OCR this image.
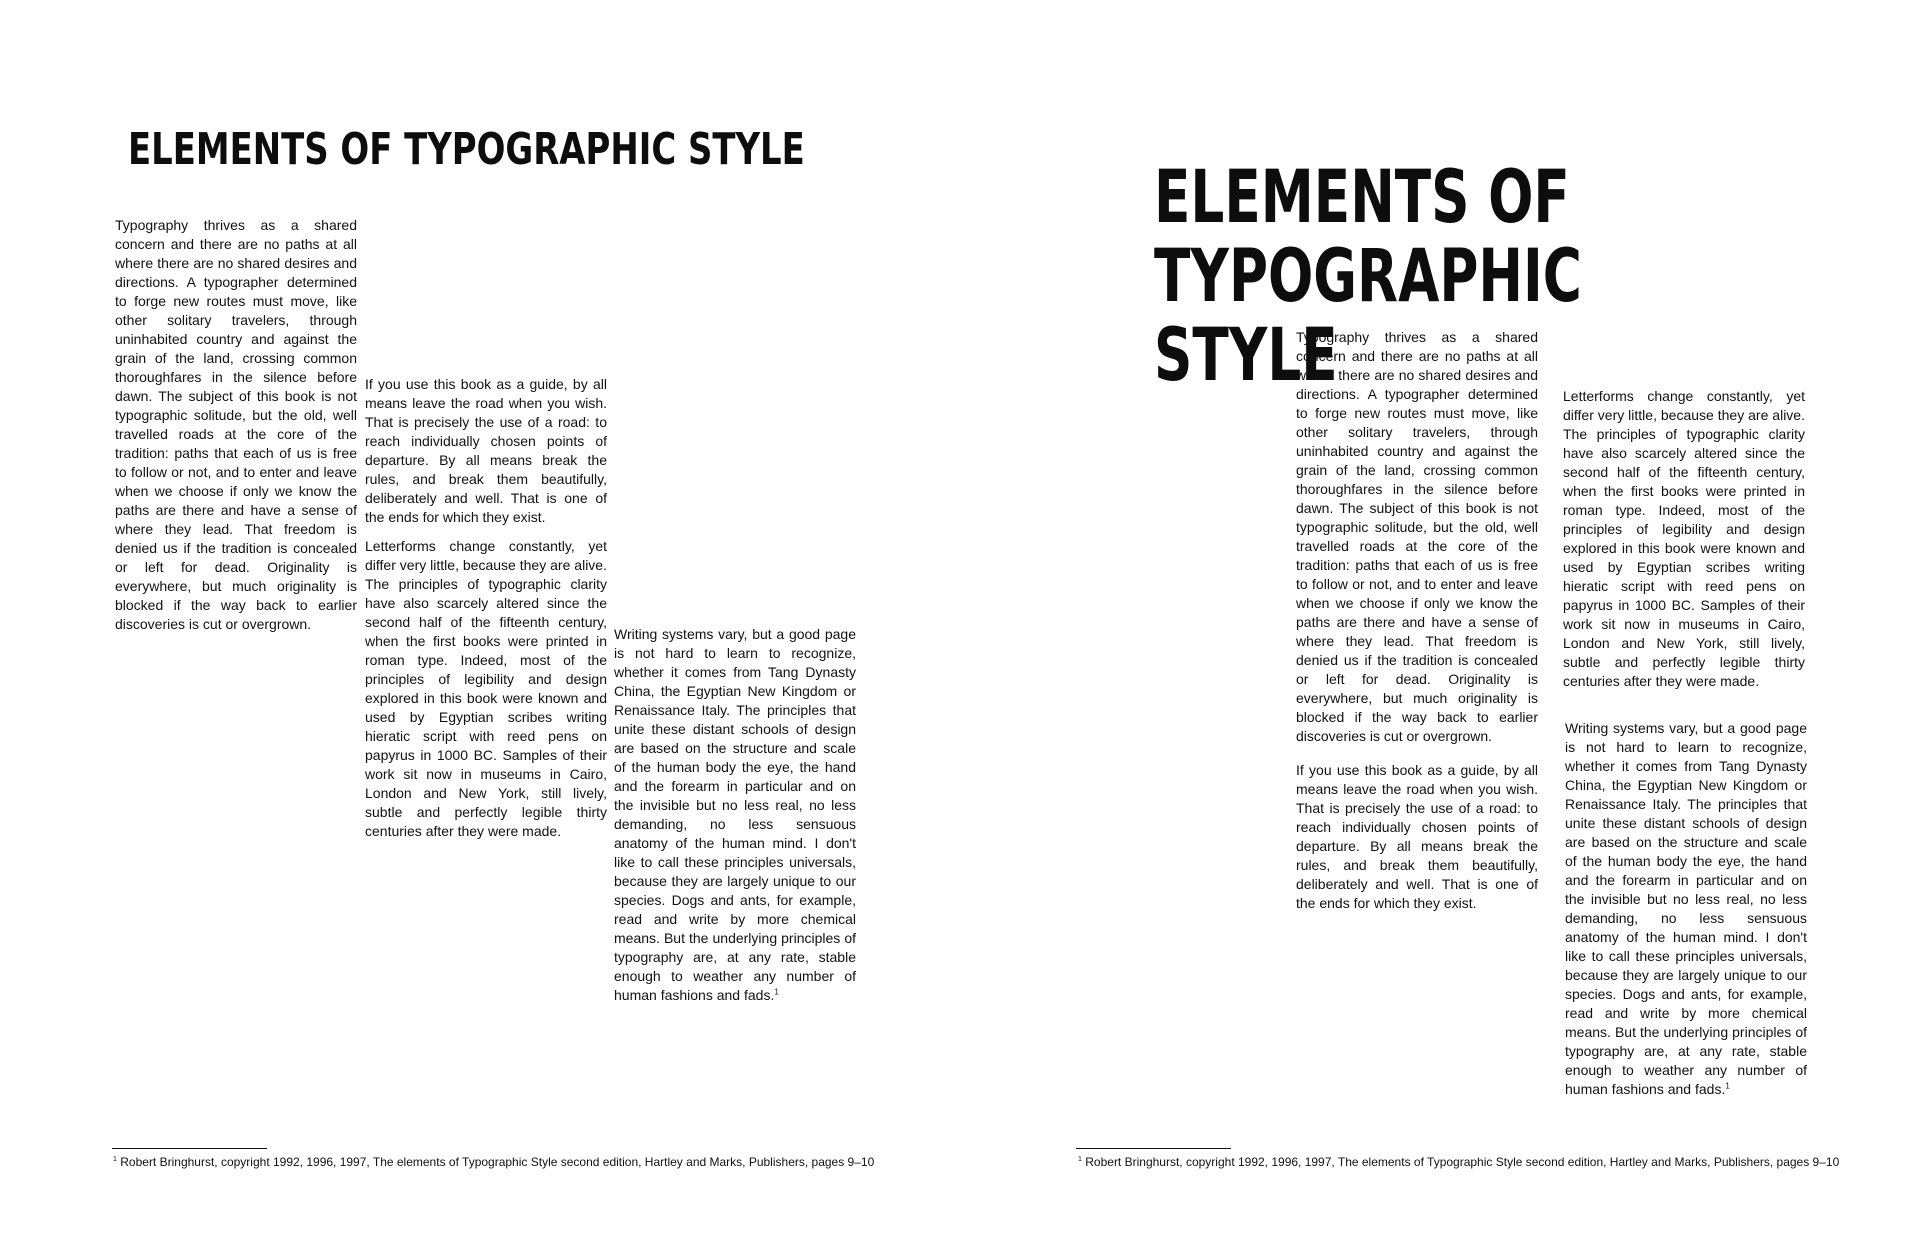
ELEMENTS OF TYPOGRAPHIC STYLE

Typography thrives as a shared concern and there are no paths at all where there are no shared desires and directions. A typographer determined to forge new routes must move, like other solitary travelers, through uninhabited country and against the grain of the land, crossing common thoroughfares in the silence before dawn. The subject of this book is not typographic solitude, but the old, well travelled roads at the core of the tradition: paths that each of us is free to follow or not, and to enter and leave when we choose if only we know the paths are there and have a sense of where they lead. That freedom is denied us if the tradition is concealed or left for dead. Originality is everywhere, but much originality is blocked if the way back to earlier discoveries is cut or overgrown.

If you use this book as a guide, by all means leave the road when you wish. That is precisely the use of a road: to reach individually chosen points of departure. By all means break the rules, and break them beautifully, deliberately and well. That is one of the ends for which they exist.

Letterforms change constantly, yet differ very little, because they are alive. The principles of typographic clarity have also scarcely altered since the second half of the fifteenth century, when the first books were printed in roman type. Indeed, most of the principles of legibility and design explored in this book were known and used by Egyptian scribes writing hieratic script with reed pens on papyrus in 1000 BC. Samples of their work sit now in museums in Cairo, London and New York, still lively, subtle and perfectly legible thirty centuries after they were made.

Writing systems vary, but a good page is not hard to learn to recognize, whether it comes from Tang Dynasty China, the Egyptian New Kingdom or Renaissance Italy. The principles that unite these distant schools of design are based on the structure and scale of the human body the eye, the hand and the forearm in particular and on the invisible but no less real, no less demanding, no less sensuous anatomy of the human mind. I don't like to call these principles universals, because they are largely unique to our species. Dogs and ants, for example, read and write by more chemical means. But the underlying principles of typography are, at any rate, stable enough to weather any number of human fashions and fads.$^1$

$^1$ Robert Bringhurst, copyright 1992, 1996, 1997, The elements of Typographic Style second edition, Hartley and Marks, Publishers, pages 9–10

ELEMENTS OF TYPOGRAPHIC STYLE

Typography thrives as a shared concern and there are no paths at all where there are no shared desires and directions. A typographer determined to forge new routes must move, like other solitary travelers, through uninhabited country and against the grain of the land, crossing common thoroughfares in the silence before dawn. The subject of this book is not typographic solitude, but the old, well travelled roads at the core of the tradition: paths that each of us is free to follow or not, and to enter and leave when we choose if only we know the paths are there and have a sense of where they lead. That freedom is denied us if the tradition is concealed or left for dead. Originality is everywhere, but much originality is blocked if the way back to earlier discoveries is cut or overgrown.

If you use this book as a guide, by all means leave the road when you wish. That is precisely the use of a road: to reach individually chosen points of departure. By all means break the rules, and break them beautifully, deliberately and well. That is one of the ends for which they exist.

Letterforms change constantly, yet differ very little, because they are alive. The principles of typographic clarity have also scarcely altered since the second half of the fifteenth century, when the first books were printed in roman type. Indeed, most of the principles of legibility and design explored in this book were known and used by Egyptian scribes writing hieratic script with reed pens on papyrus in 1000 BC. Samples of their work sit now in museums in Cairo, London and New York, still lively, subtle and perfectly legible thirty centuries after they were made.

Writing systems vary, but a good page is not hard to learn to recognize, whether it comes from Tang Dynasty China, the Egyptian New Kingdom or Renaissance Italy. The principles that unite these distant schools of design are based on the structure and scale of the human body the eye, the hand and the forearm in particular and on the invisible but no less real, no less demanding, no less sensuous anatomy of the human mind. I don't like to call these principles universals, because they are largely unique to our species. Dogs and ants, for example, read and write by more chemical means. But the underlying principles of typography are, at any rate, stable enough to weather any number of human fashions and fads.$^1$

$^1$ Robert Bringhurst, copyright 1992, 1996, 1997, The elements of Typographic Style second edition, Hartley and Marks, Publishers, pages 9–10
